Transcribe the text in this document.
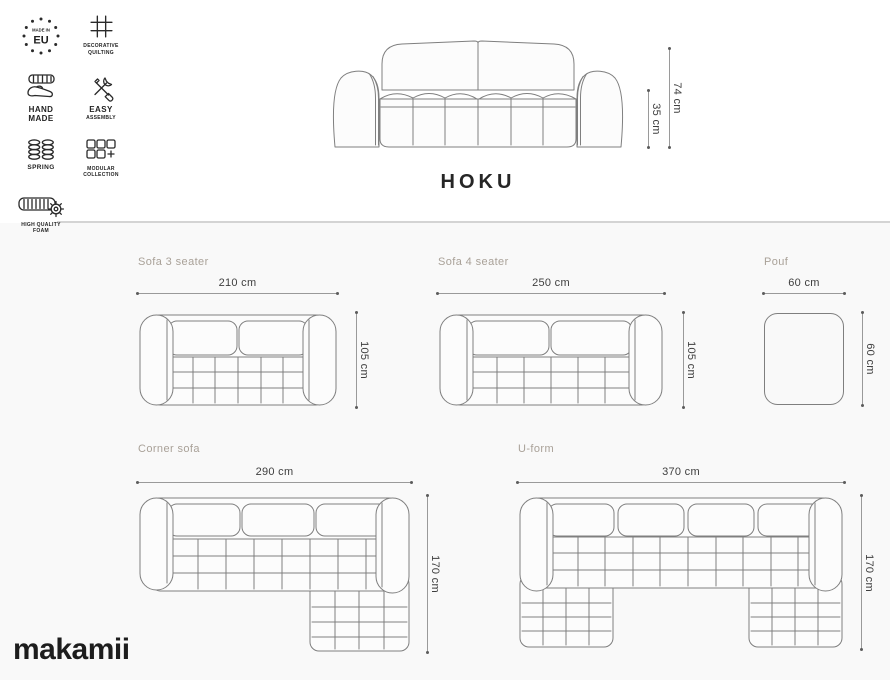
MADE IN
EU	DECORATIVE
QUILTING
HAND
MADE
EASY
ASSEMBLY
SPRING	MODULAR
COLLECTION
HIGH QUALITY
FOAM
35 cm
74 cm
HOKU
Sofa 3 seater
210 cm
105 cm
Sofa 4 seater
250 cm
105 cm
Pouf
60 cm
60 cm
Corner sofa
290 cm
170 cm
U-form
370 cm
170 cm
makamii
